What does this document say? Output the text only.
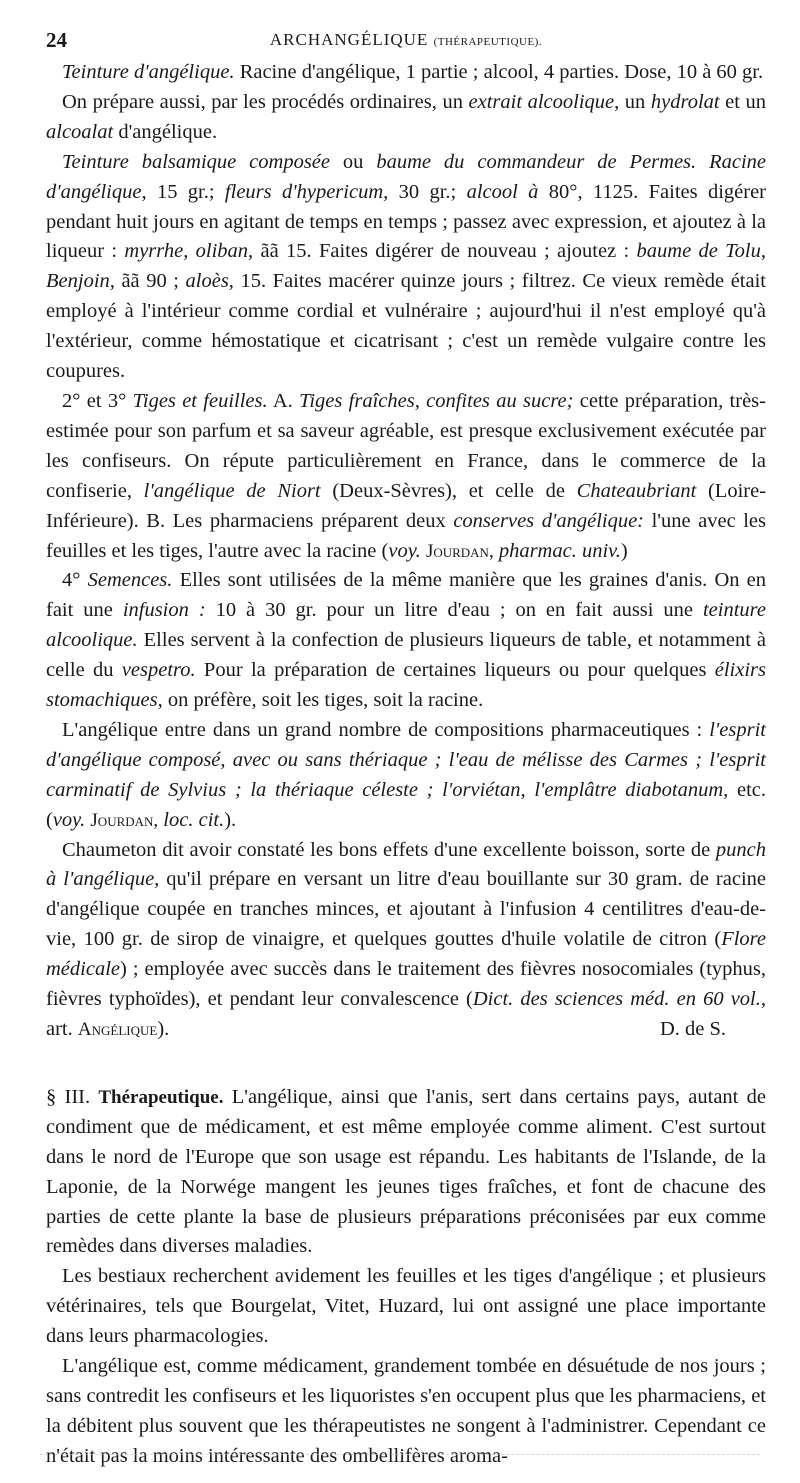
24	ARCHANGÉLIQUE (THÉRAPEUTIQUE).

Teinture d'angélique. Racine d'angélique, 1 partie ; alcool, 4 parties. Dose, 10 à 60 gr.

On prépare aussi, par les procédés ordinaires, un extrait alcoolique, un hydrolat et un alcoalat d'angélique.

Teinture balsamique composée ou baume du commandeur de Permes. Racine d'angélique, 15 gr.; fleurs d'hypericum, 30 gr.; alcool à 80°, 1125. Faites digérer pendant huit jours en agitant de temps en temps ; passez avec expression, et ajoutez à la liqueur : myrrhe, oliban, ãã 15. Faites digérer de nouveau ; ajoutez : baume de Tolu, Benjoin, ãã 90 ; aloès, 15. Faites macérer quinze jours ; filtrez. Ce vieux remède était employé à l'intérieur comme cordial et vulnéraire ; aujourd'hui il n'est employé qu'à l'extérieur, comme hémostatique et cicatrisant ; c'est un remède vulgaire contre les coupures.

2° et 3° Tiges et feuilles. A. Tiges fraîches, confites au sucre; cette préparation, très-estimée pour son parfum et sa saveur agréable, est presque exclusivement exécutée par les confiseurs. On répute particulièrement en France, dans le commerce de la confiserie, l'angélique de Niort (Deux-Sèvres), et celle de Chateaubriant (Loire-Inférieure). B. Les pharmaciens préparent deux conserves d'angélique: l'une avec les feuilles et les tiges, l'autre avec la racine (voy. Jourdan, pharmac. univ.)

4° Semences. Elles sont utilisées de la même manière que les graines d'anis. On en fait une infusion : 10 à 30 gr. pour un litre d'eau ; on en fait aussi une teinture alcoolique. Elles servent à la confection de plusieurs liqueurs de table, et notamment à celle du vespetro. Pour la préparation de certaines liqueurs ou pour quelques élixirs stomachiques, on préfère, soit les tiges, soit la racine.

L'angélique entre dans un grand nombre de compositions pharmaceutiques : l'esprit d'angélique composé, avec ou sans thériaque ; l'eau de mélisse des Carmes ; l'esprit carminatif de Sylvius ; la thériaque céleste ; l'orviétan, l'emplâtre diabotanum, etc. (voy. Jourdan, loc. cit.).

Chaumeton dit avoir constaté les bons effets d'une excellente boisson, sorte de punch à l'angélique, qu'il prépare en versant un litre d'eau bouillante sur 30 gram. de racine d'angélique coupée en tranches minces, et ajoutant à l'infusion 4 centilitres d'eau-de-vie, 100 gr. de sirop de vinaigre, et quelques gouttes d'huile volatile de citron (Flore médicale) ; employée avec succès dans le traitement des fièvres nosocomiales (typhus, fièvres typhoïdes), et pendant leur convalescence (Dict. des sciences méd. en 60 vol., art. Angélique).	D. de S.

§ III. Thérapeutique. L'angélique, ainsi que l'anis, sert dans certains pays, autant de condiment que de médicament, et est même employée comme aliment. C'est surtout dans le nord de l'Europe que son usage est répandu. Les habitants de l'Islande, de la Laponie, de la Norwége mangent les jeunes tiges fraîches, et font de chacune des parties de cette plante la base de plusieurs préparations préconisées par eux comme remèdes dans diverses maladies.

Les bestiaux recherchent avidement les feuilles et les tiges d'angélique ; et plusieurs vétérinaires, tels que Bourgelat, Vitet, Huzard, lui ont assigné une place importante dans leurs pharmacologies.

L'angélique est, comme médicament, grandement tombée en désuétude de nos jours ; sans contredit les confiseurs et les liquoristes s'en occupent plus que les pharmaciens, et la débitent plus souvent que les thérapeutistes ne songent à l'administrer. Cependant ce n'était pas la moins intéressante des ombellifères aroma-
